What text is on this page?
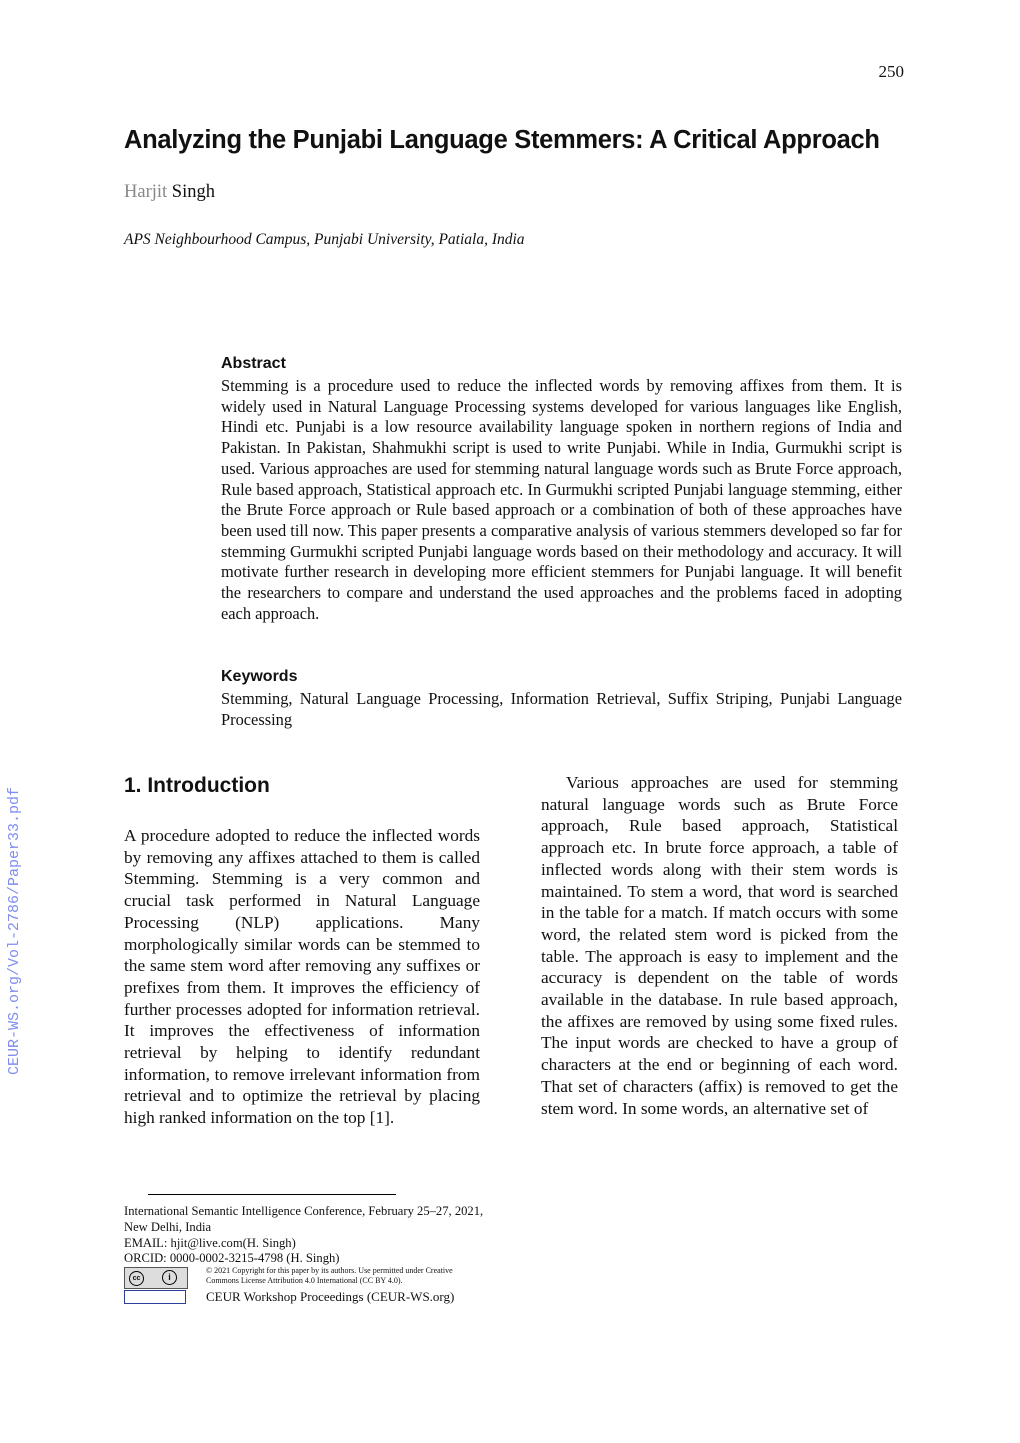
250
Analyzing the Punjabi Language Stemmers: A Critical Approach
Harjit Singh
APS Neighbourhood Campus, Punjabi University, Patiala, India
Abstract
Stemming is a procedure used to reduce the inflected words by removing affixes from them. It is widely used in Natural Language Processing systems developed for various languages like English, Hindi etc. Punjabi is a low resource availability language spoken in northern regions of India and Pakistan. In Pakistan, Shahmukhi script is used to write Punjabi. While in India, Gurmukhi script is used. Various approaches are used for stemming natural language words such as Brute Force approach, Rule based approach, Statistical approach etc. In Gurmukhi scripted Punjabi language stemming, either the Brute Force approach or Rule based approach or a combination of both of these approaches have been used till now. This paper presents a comparative analysis of various stemmers developed so far for stemming Gurmukhi scripted Punjabi language words based on their methodology and accuracy. It will motivate further research in developing more efficient stemmers for Punjabi language. It will benefit the researchers to compare and understand the used approaches and the problems faced in adopting each approach.
Keywords
Stemming, Natural Language Processing, Information Retrieval, Suffix Striping, Punjabi Language Processing
1. Introduction
A procedure adopted to reduce the inflected words by removing any affixes attached to them is called Stemming. Stemming is a very common and crucial task performed in Natural Language Processing (NLP) applications. Many morphologically similar words can be stemmed to the same stem word after removing any suffixes or prefixes from them. It improves the efficiency of further processes adopted for information retrieval. It improves the effectiveness of information retrieval by helping to identify redundant information, to remove irrelevant information from retrieval and to optimize the retrieval by placing high ranked information on the top [1].
Various approaches are used for stemming natural language words such as Brute Force approach, Rule based approach, Statistical approach etc. In brute force approach, a table of inflected words along with their stem words is maintained. To stem a word, that word is searched in the table for a match. If match occurs with some word, the related stem word is picked from the table. The approach is easy to implement and the accuracy is dependent on the table of words available in the database. In rule based approach, the affixes are removed by using some fixed rules. The input words are checked to have a group of characters at the end or beginning of each word. That set of characters (affix) is removed to get the stem word. In some words, an alternative set of
International Semantic Intelligence Conference, February 25–27, 2021, New Delhi, India
EMAIL: hjit@live.com(H. Singh)
ORCID: 0000-0002-3215-4798 (H. Singh)
cc	i
© 2021 Copyright for this paper by its authors. Use permitted under Creative Commons License Attribution 4.0 International (CC BY 4.0).
CEUR Workshop Proceedings (CEUR-WS.org)
CEUR-WS.org/Vol-2786/Paper33.pdf
